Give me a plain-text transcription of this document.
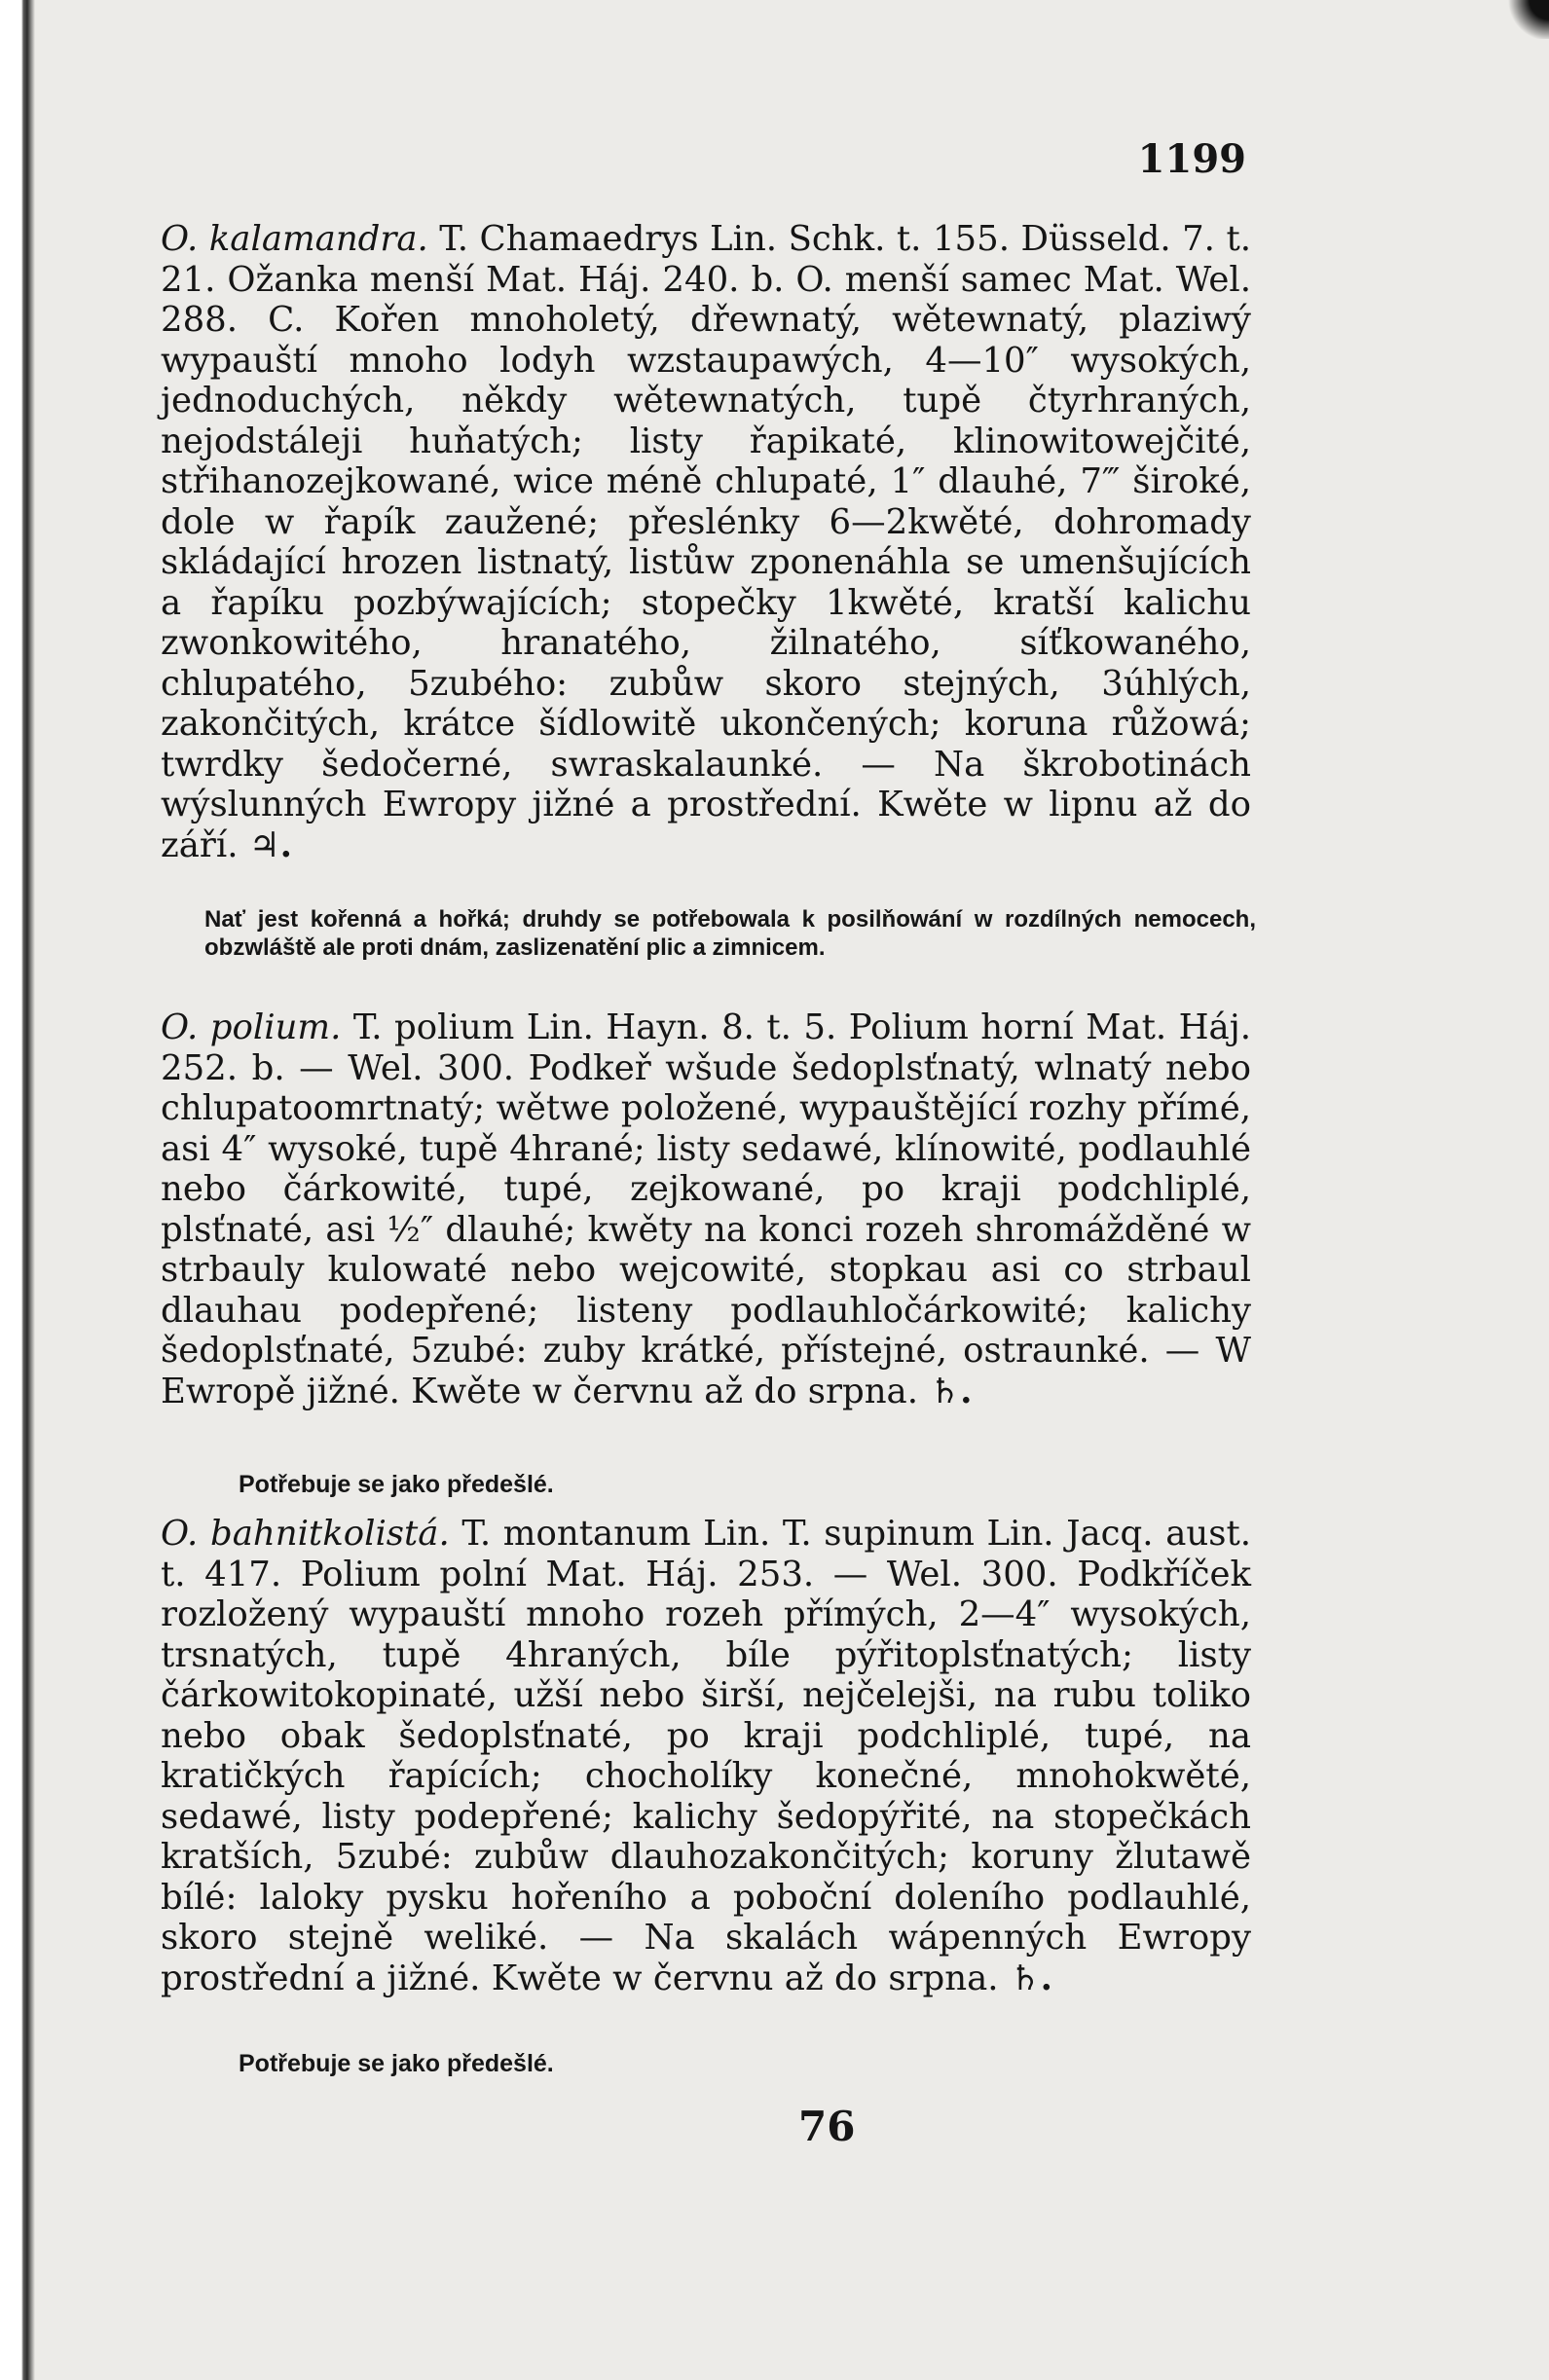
1199
O. kalamandra. T. Chamaedrys Lin. Schk. t. 155. Düsseld. 7. t. 21. Ožanka menší Mat. Háj. 240. b. O. menší samec Mat. Wel. 288. C. Kořen mnoholetý, dřewnatý, wětewnatý, plaziwý wypauští mnoho lodyh wzstaupawých, 4—10″ wysokých, jednoduchých, někdy wětewnatých, tupě čtyrhraných, nejodstáleji huňatých; listy řapikaté, klinowitowejčité, střihanozejkowané, wice méně chlupaté, 1″ dlauhé, 7‴ široké, dole w řapík zaužené; přeslénky 6—2kwěté, dohromady skládající hrozen listnatý, listůw zponenáhla se umenšujících a řapíku pozbýwajících; stopečky 1kwěté, kratší kalichu zwonkowitého, hranatého, žilnatého, síťkowaného, chlupatého, 5zubého: zubůw skoro stejných, 3úhlých, zakončitých, krátce šídlowitě ukončených; koruna růžowá; twrdky šedočerné, swraskalaunké. — Na škrobotinách wýslunných Ewropy jižné a prostřední. Kwěte w lipnu až do září. ♃.
Nať jest kořenná a hořká; druhdy se potřebowala k posilňowání w rozdílných nemocech, obzwláště ale proti dnám, zaslizenatění plic a zimnicem.
O. polium. T. polium Lin. Hayn. 8. t. 5. Polium horní Mat. Háj. 252. b. — Wel. 300. Podkeř wšude šedoplsťnatý, wlnatý nebo chlupatoomrtnatý; wětwe položené, wypauštějící rozhy přímé, asi 4″ wysoké, tupě 4hrané; listy sedawé, klínowité, podlauhlé nebo čárkowité, tupé, zejkowané, po kraji podchliplé, plsťnaté, asi ½″ dlauhé; kwěty na konci rozeh shromážděné w strbauly kulowaté nebo wejcowité, stopkau asi co strbaul dlauhau podepřené; listeny podlauhločárkowité; kalichy šedoplsťnaté, 5zubé: zuby krátké, přístejné, ostraunké. — W Ewropě jižné. Kwěte w červnu až do srpna. ♄.
Potřebuje se jako předešlé.
O. bahnitkolistá. T. montanum Lin. T. supinum Lin. Jacq. aust. t. 417. Polium polní Mat. Háj. 253. — Wel. 300. Podkříček rozložený wypauští mnoho rozeh přímých, 2—4″ wysokých, trsnatých, tupě 4hraných, bíle pýřitoplsťnatých; listy čárkowitokopinaté, užší nebo širší, nejčelejši, na rubu toliko nebo obak šedoplsťnaté, po kraji podchliplé, tupé, na kratičkých řapících; chocholíky konečné, mnohokwěté, sedawé, listy podepřené; kalichy šedopýřité, na stopečkách kratších, 5zubé: zubůw dlauhozakončitých; koruny žlutawě bílé: laloky pysku hořeního a poboční doleního podlauhlé, skoro stejně weliké. — Na skalách wápenných Ewropy prostřední a jižné. Kwěte w červnu až do srpna. ♄.
Potřebuje se jako předešlé.
76
